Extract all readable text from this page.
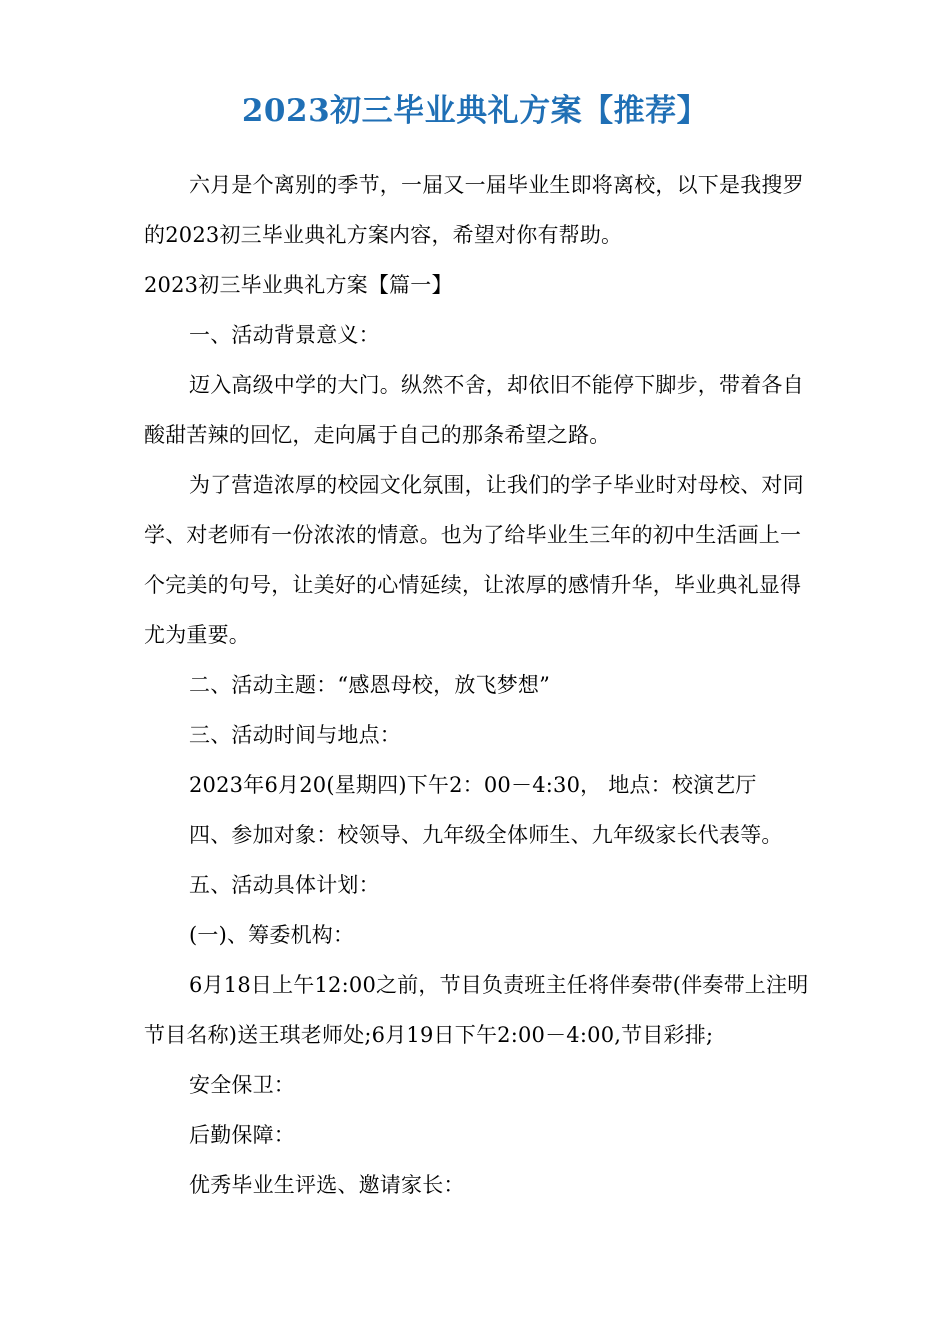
2023初三毕业典礼方案【推荐】

六月是个离别的季节，一届又一届毕业生即将离校，以下是我搜罗的2023初三毕业典礼方案内容，希望对你有帮助。

2023初三毕业典礼方案【篇一】

一、活动背景意义：

迈入高级中学的大门。纵然不舍，却依旧不能停下脚步，带着各自酸甜苦辣的回忆，走向属于自己的那条希望之路。

为了营造浓厚的校园文化氛围，让我们的学子毕业时对母校、对同学、对老师有一份浓浓的情意。也为了给毕业生三年的初中生活画上一个完美的句号，让美好的心情延续，让浓厚的感情升华，毕业典礼显得尤为重要。

二、活动主题：“感恩母校，放飞梦想”

三、活动时间与地点：

2023年6月20(星期四)下午2：00－4:30， 地点：校演艺厅

四、参加对象：校领导、九年级全体师生、九年级家长代表等。

五、活动具体计划：

(一)、筹委机构：

6月18日上午12:00之前，节目负责班主任将伴奏带(伴奏带上注明节目名称)送王琪老师处;6月19日下午2:00－4:00,节目彩排;

安全保卫：

后勤保障：

优秀毕业生评选、邀请家长：
